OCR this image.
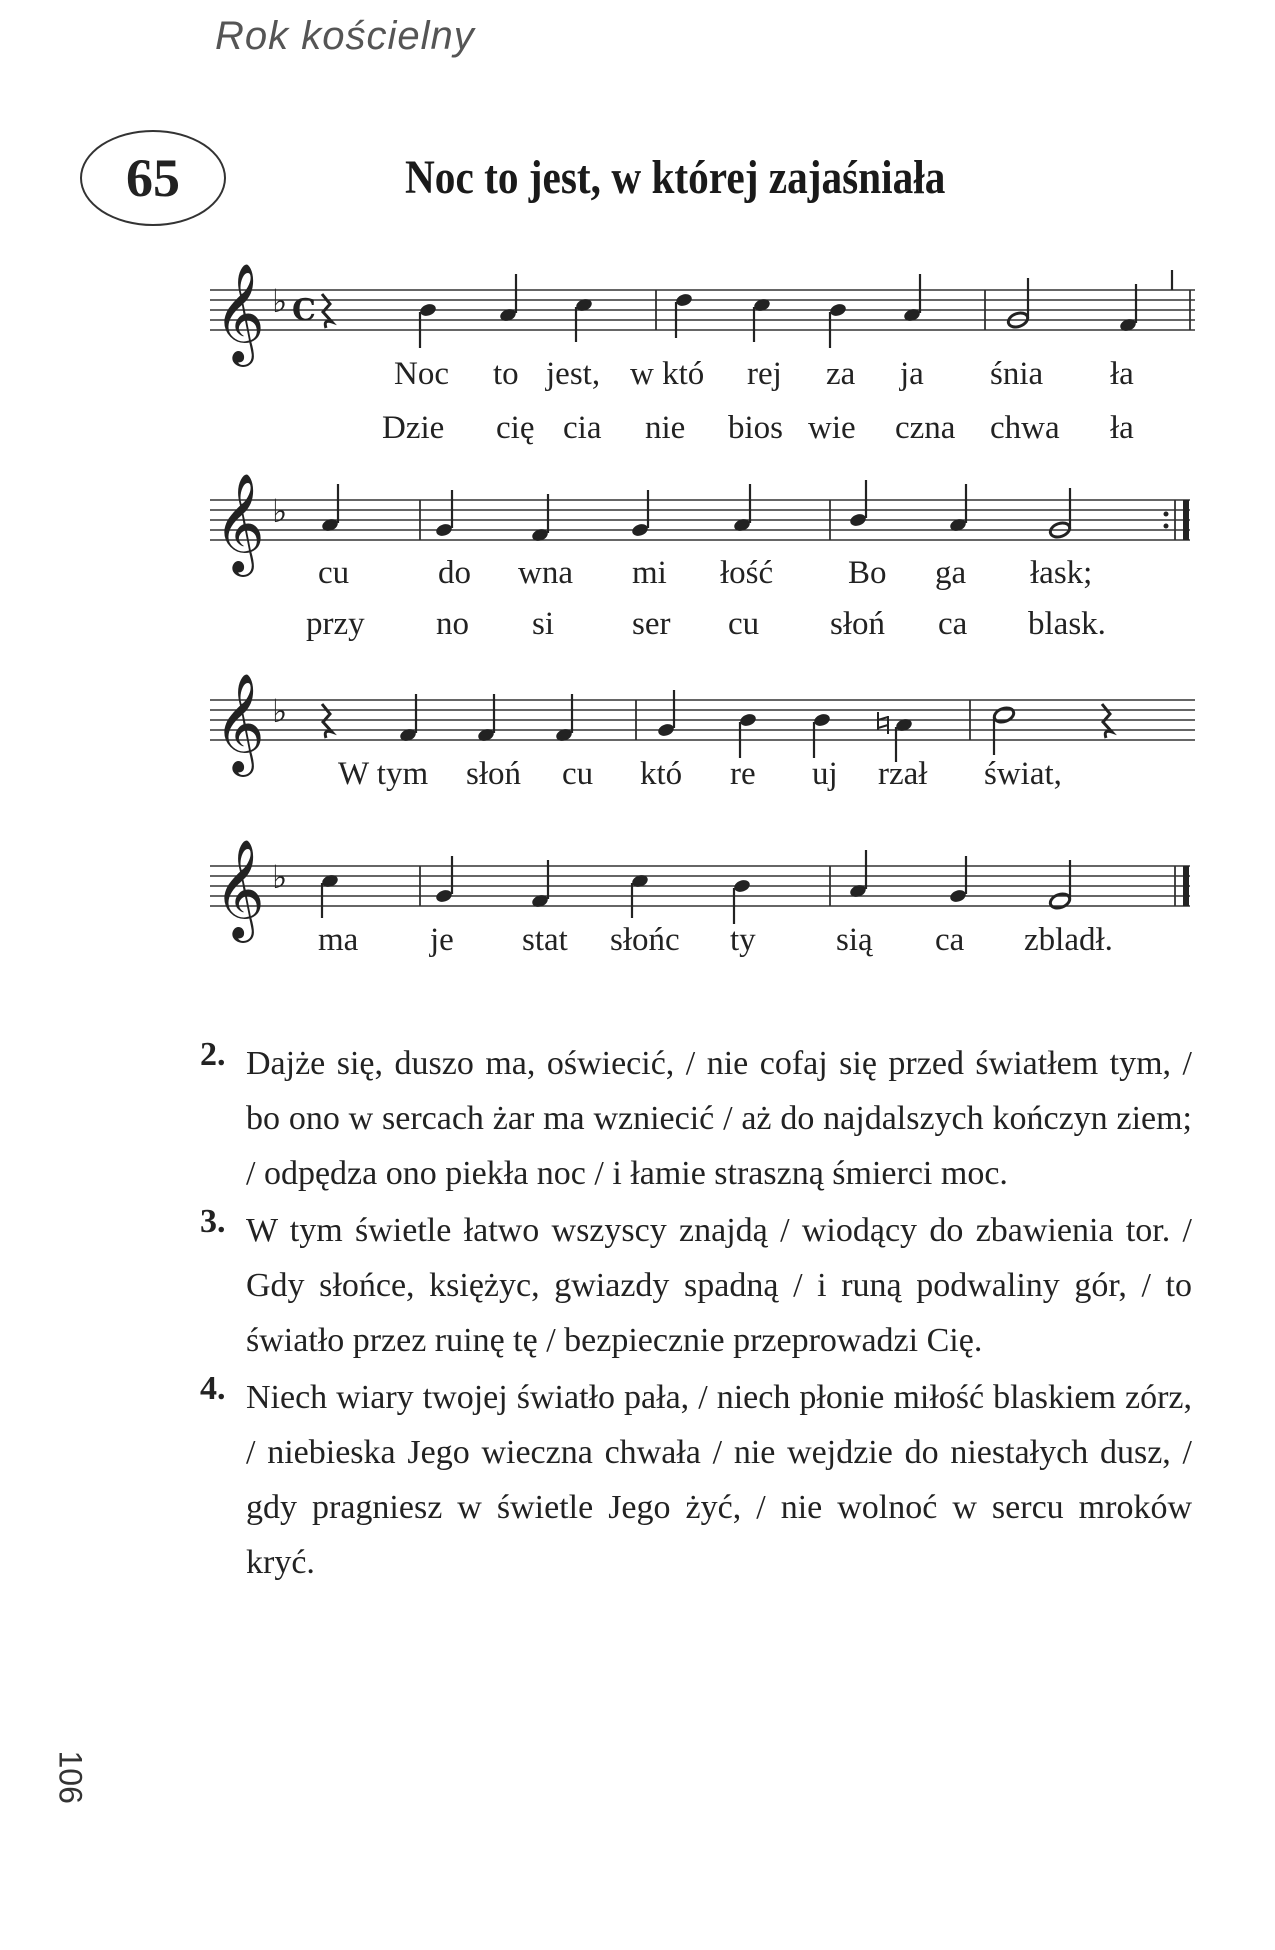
Rok kościelny
65	Noc to jest, w której zajaśniała
𝄞 ♭ C
Noc to jest, w któ rej za ja śnia ła
Dzie cię cia nie bios wie czna chwa ła
𝄞 ♭
cu	do wna mi łość Bo ga łask;
przy no si ser cu słoń ca blask.
𝄞 ♭
W tym słoń cu któ re uj rzał świat,
𝄞 ♭
ma je stat słońc ty sią ca zbladł.
2. Dajże się, duszo ma, oświecić, / nie cofaj się przed światłem tym, / bo ono w sercach żar ma wzniecić / aż do najdalszych kończyn ziem; / odpędza ono piekła noc / i łamie straszną śmierci moc.
3. W tym świetle łatwo wszyscy znajdą / wiodący do zbawienia tor. / Gdy słońce, księżyc, gwiazdy spadną / i runą podwaliny gór, / to światło przez ruinę tę / bezpiecznie przeprowadzi Cię.
4. Niech wiary twojej światło pała, / niech płonie miłość blaskiem zórz, / niebieska Jego wieczna chwała / nie wejdzie do niestałych dusz, / gdy pragniesz w świetle Jego żyć, / nie wolnoć w sercu mroków kryć.
106
